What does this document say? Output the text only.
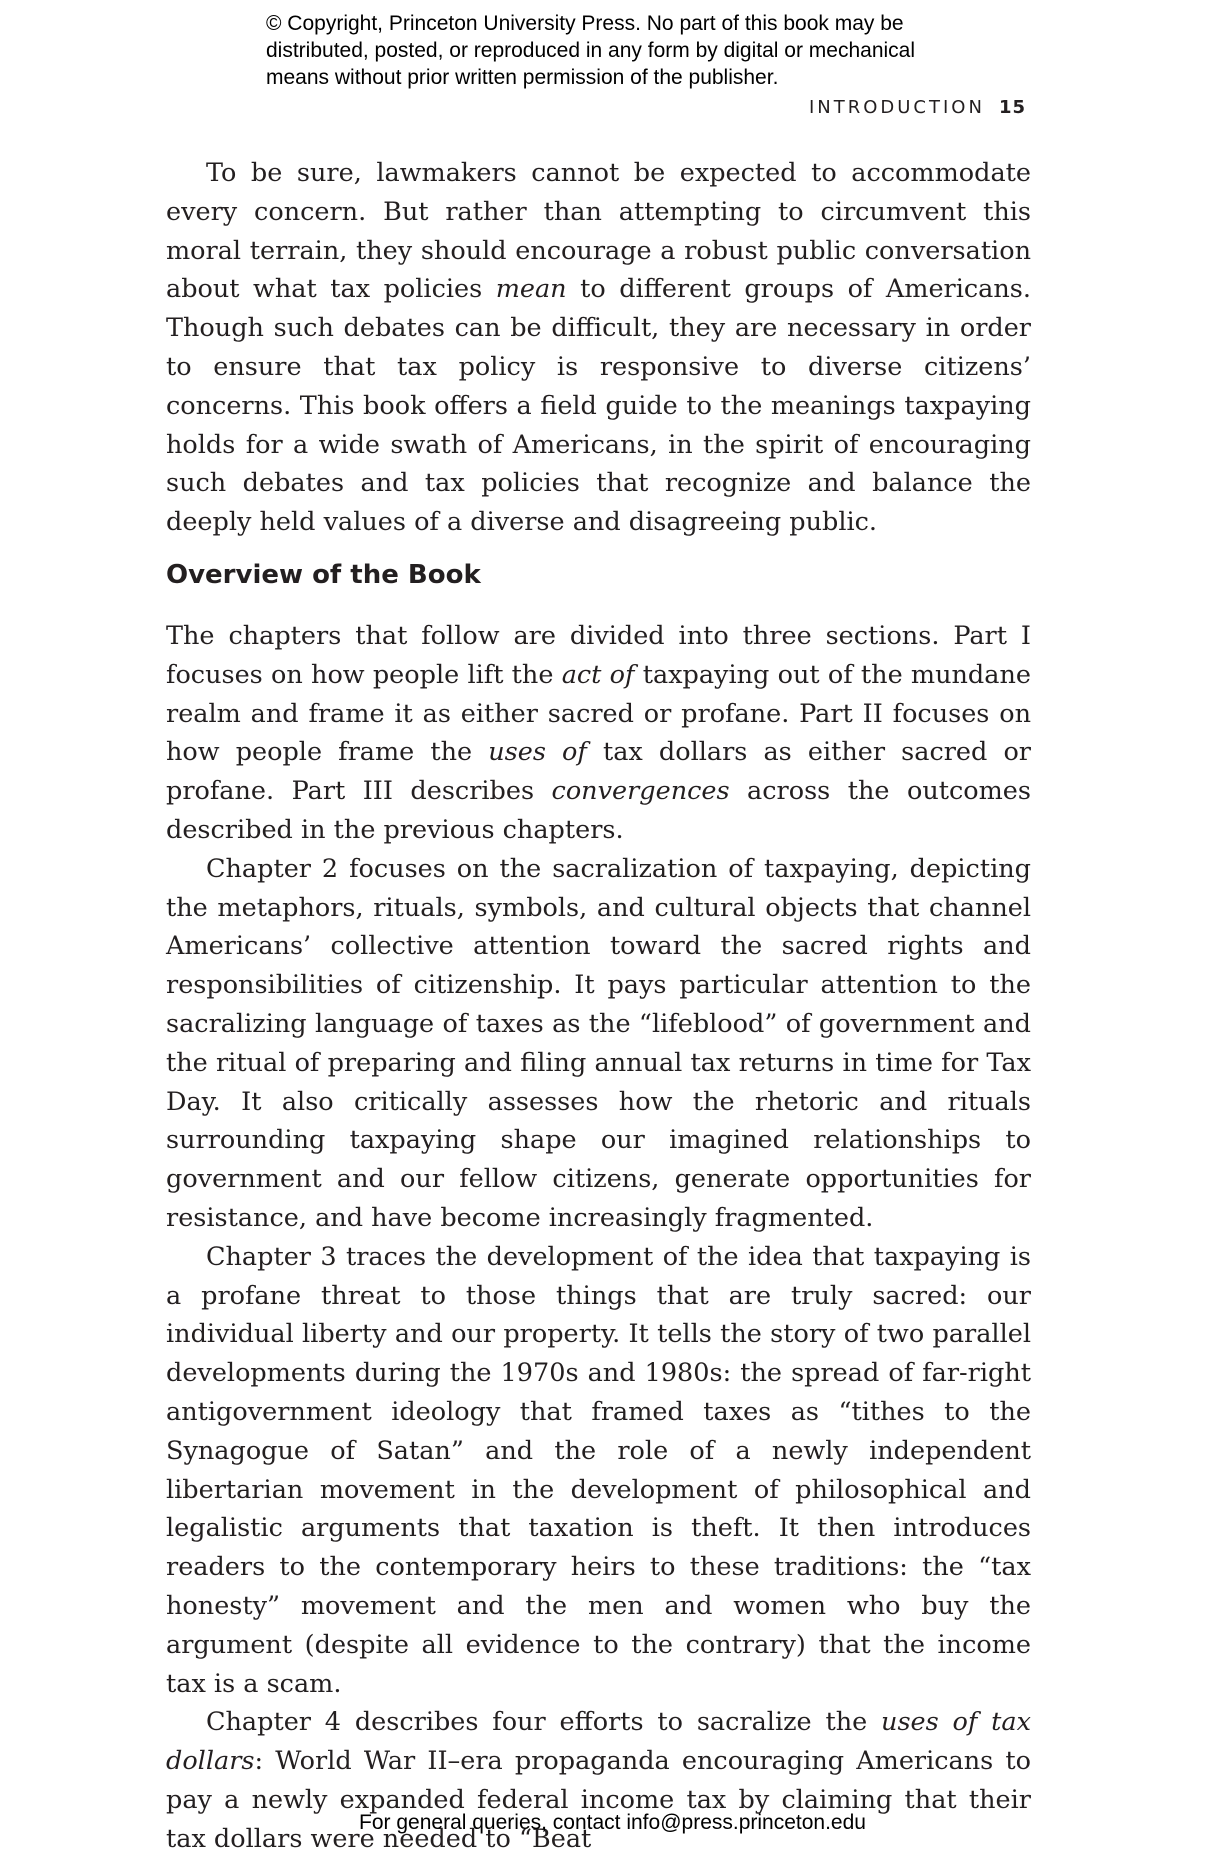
© Copyright, Princeton University Press. No part of this book may be

distributed, posted, or reproduced in any form by digital or mechanical

means without prior written permission of the publisher.

INTRODUCTION 15

To be sure, lawmakers cannot be expected to accommodate every concern. But rather than attempting to circumvent this moral terrain, they should encourage a robust public conversation about what tax policies mean to different groups of Americans. Though such debates can be difficult, they are necessary in order to ensure that tax policy is responsive to diverse citizens’ concerns. This book offers a field guide to the meanings taxpaying holds for a wide swath of Americans, in the spirit of encouraging such debates and tax policies that recognize and balance the deeply held values of a diverse and disagreeing public.

Overview of the Book

The chapters that follow are divided into three sections. Part I focuses on how people lift the act of taxpaying out of the mundane realm and frame it as either sacred or profane. Part II focuses on how people frame the uses of tax dollars as either sacred or profane. Part III describes convergences across the outcomes described in the previous chapters.

Chapter 2 focuses on the sacralization of taxpaying, depicting the metaphors, rituals, symbols, and cultural objects that channel Americans’ collective attention toward the sacred rights and responsibilities of citizenship. It pays particular attention to the sacralizing language of taxes as the “lifeblood” of government and the ritual of preparing and filing annual tax returns in time for Tax Day. It also critically assesses how the rhetoric and rituals surrounding taxpaying shape our imagined relationships to government and our fellow citizens, generate opportunities for resistance, and have become increasingly fragmented.

Chapter 3 traces the development of the idea that taxpaying is a profane threat to those things that are truly sacred: our individual liberty and our property. It tells the story of two parallel developments during the 1970s and 1980s: the spread of far-right antigovernment ideology that framed taxes as “tithes to the Synagogue of Satan” and the role of a newly independent libertarian movement in the development of philosophical and legalistic arguments that taxation is theft. It then introduces readers to the contemporary heirs to these traditions: the “tax honesty” movement and the men and women who buy the argument (despite all evidence to the contrary) that the income tax is a scam.

Chapter 4 describes four efforts to sacralize the uses of tax dollars: World War II–era propaganda encouraging Americans to pay a newly expanded federal income tax by claiming that their tax dollars were needed to “Beat

For general queries, contact info@press.princeton.edu
